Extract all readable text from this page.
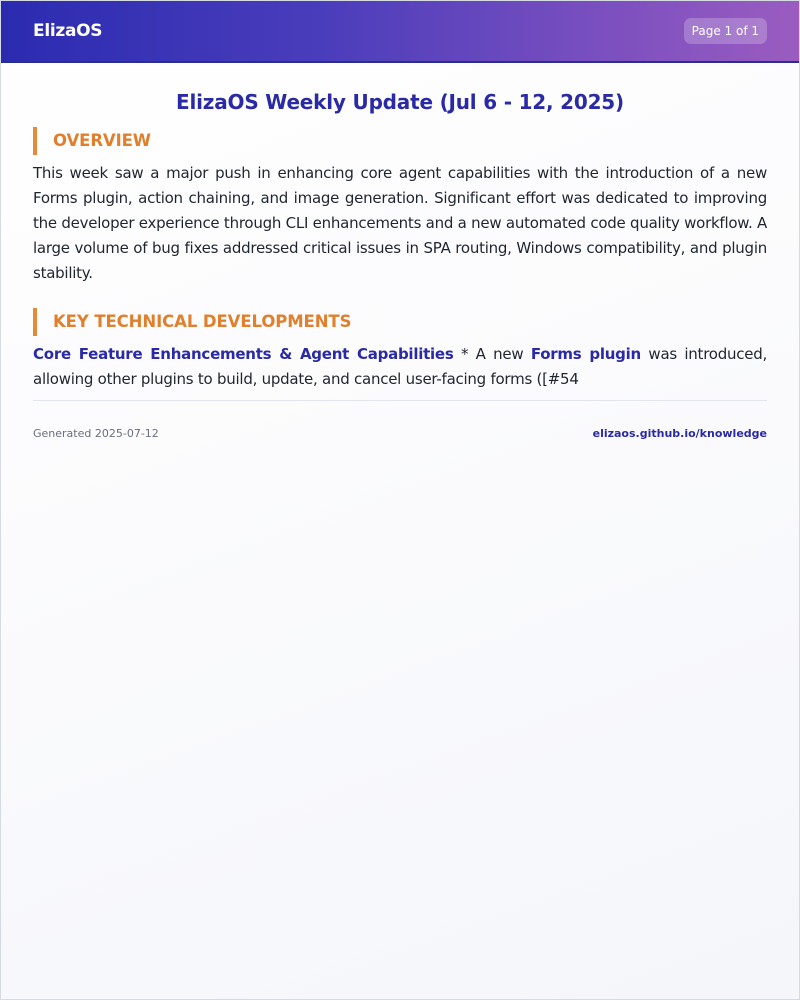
ElizaOS	Page 1 of 1
ElizaOS Weekly Update (Jul 6 - 12, 2025)
OVERVIEW

This week saw a major push in enhancing core agent capabilities with the introduction of a new Forms plugin, action chaining, and image generation. Significant effort was dedicated to improving the developer experience through CLI enhancements and a new automated code quality workflow. A large volume of bug fixes addressed critical issues in SPA routing, Windows compatibility, and plugin stability.

KEY TECHNICAL DEVELOPMENTS

Core Feature Enhancements & Agent Capabilities * A new Forms plugin was introduced, allowing other plugins to build, update, and cancel user-facing forms ([#54

Generated 2025-07-12	elizaos.github.io/knowledge
